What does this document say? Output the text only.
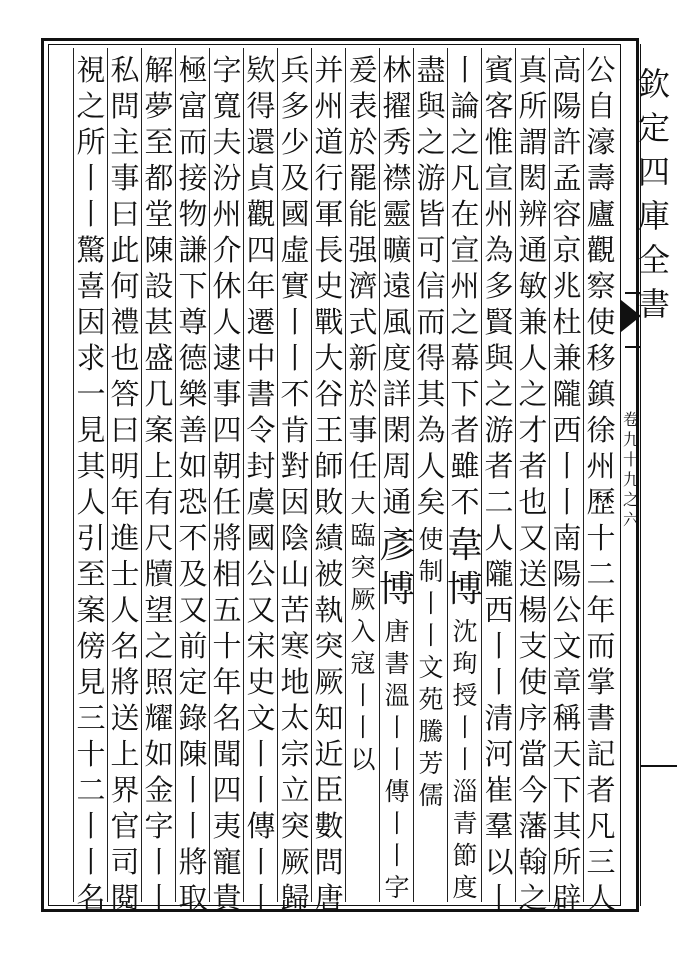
欽
定
四
庫
全
書
卷
九
十
九
之
六
公
自
濠
壽
廬
觀
察
使
移
鎮
徐
州
歷
十
二
年
而
掌
書
記
者
凡
三
人
高
陽
許
孟
容
京
兆
杜
兼
隴
西
丨
丨
南
陽
公
文
章
稱
天
下
其
所
辟
真
所
謂
閎
辨
通
敏
兼
人
之
才
者
也
又
送
楊
支
使
序
當
今
藩
翰
之
賓
客
惟
宣
州
為
多
賢
與
之
游
者
二
人
隴
西
丨
丨
清
河
崔
羣
以
丨
丨
論
之
凡
在
宣
州
之
幕
下
者
雖
不
韋
博
沈
珣
授
丨
丨
淄
青
節
度
盡
與
之
游
皆
可
信
而
得
其
為
人
矣
使
制
丨
丨
文
苑
騰
芳
儒
林
擢
秀
襟
靈
曠
遠
風
度
詳
閑
周
通
彥
博
唐
書
溫
丨
丨
傳
丨
丨
字
爰
表
於
罷
能
强
濟
式
新
於
事
任
大
臨
突
厥
入
寇
丨
丨
以
并
州
道
行
軍
長
史
戰
大
谷
王
師
敗
績
被
執
突
厥
知
近
臣
數
問
唐
兵
多
少
及
國
虛
實
丨
丨
不
肯
對
因
陰
山
苦
寒
地
太
宗
立
突
厥
歸
欵
得
還
貞
觀
四
年
遷
中
書
令
封
虞
國
公
又
宋
史
文
丨
丨
傳
丨
丨
字
寬
夫
汾
州
介
休
人
逮
事
四
朝
任
將
相
五
十
年
名
聞
四
夷
寵
貴
極
富
而
接
物
謙
下
尊
德
樂
善
如
恐
不
及
又
前
定
錄
陳
丨
丨
將
取
解
夢
至
都
堂
陳
設
甚
盛
几
案
上
有
尺
牘
望
之
照
耀
如
金
字
丨
丨
私
問
主
事
曰
此
何
禮
也
答
曰
明
年
進
士
人
名
將
送
上
界
官
司
閱
視
之
所
丨
丨
驚
喜
因
求
一
見
其
人
引
至
案
傍
見
三
十
二
丨
丨
名
